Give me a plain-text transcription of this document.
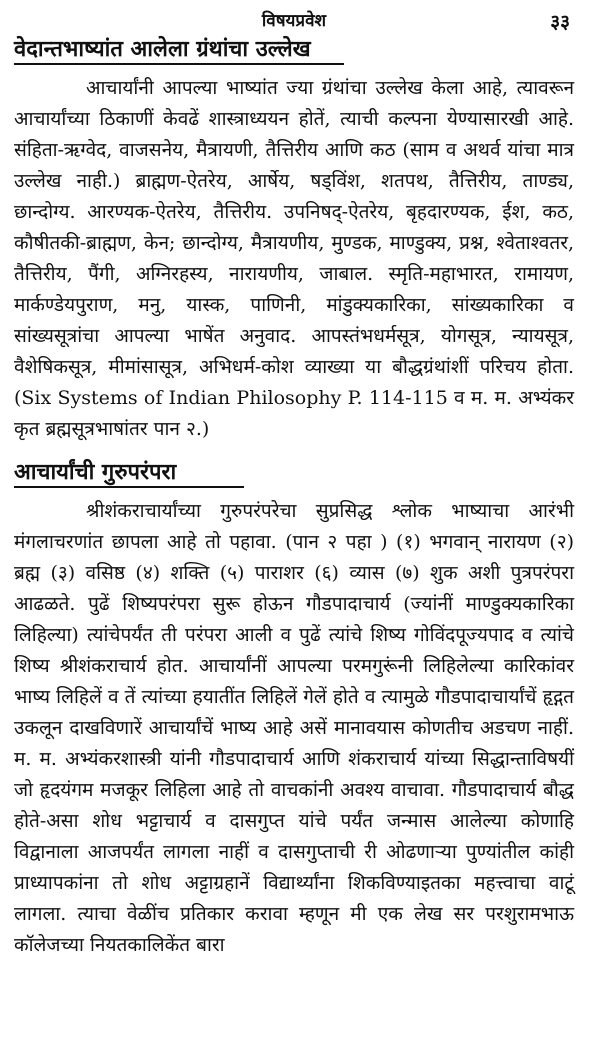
विषयप्रवेश	३३
वेदान्तभाष्यांत आलेला ग्रंथांचा उल्लेख

आचार्यांनी आपल्या भाष्यांत ज्या ग्रंथांचा उल्लेख केला आहे, त्यावरून आचार्यांच्या ठिकाणीं केवढें शास्त्राध्ययन होतें, त्याची कल्पना येण्यासारखी आहे. संहिता-ऋग्वेद, वाजसनेय, मैत्रायणी, तैत्तिरीय आणि कठ (साम व अथर्व यांचा मात्र उल्लेख नाही.) ब्राह्मण-ऐतरेय, आर्षेय, षड्विंश, शतपथ, तैत्तिरीय, ताण्ड्य, छान्दोग्य. आरण्यक-ऐतरेय, तैत्तिरीय. उपनिषद्-ऐतरेय, बृहदारण्यक, ईश, कठ, कौषीतकी-ब्राह्मण, केन; छान्दोग्य, मैत्रायणीय, मुण्डक, माण्डुक्य, प्रश्न, श्वेताश्वतर, तैत्तिरीय, पैंगी, अग्निरहस्य, नारायणीय, जाबाल. स्मृति-महाभारत, रामायण, मार्कण्डेयपुराण, मनु, यास्क, पाणिनी, मांडुक्यकारिका, सांख्यकारिका व सांख्यसूत्रांचा आपल्या भाषेंत अनुवाद. आपस्तंभधर्मसूत्र, योगसूत्र, न्यायसूत्र, वैशेषिकसूत्र, मीमांसासूत्र, अभिधर्म-कोश व्याख्या या बौद्धग्रंथांशीं परिचय होता. (Six Systems of Indian Philosophy P. 114-115 व म. म. अभ्यंकर कृत ब्रह्मसूत्रभाषांतर पान २.)

आचार्यांची गुरुपरंपरा

श्रीशंकराचार्यांच्या गुरुपरंपरेचा सुप्रसिद्ध श्लोक भाष्याचा आरंभी मंगलाचरणांत छापला आहे तो पहावा. (पान २ पहा ) (१) भगवान् नारायण (२) ब्रह्म (३) वसिष्ठ (४) शक्ति (५) पाराशर (६) व्यास (७) शुक अशी पुत्रपरंपरा आढळते. पुढें शिष्यपरंपरा सुरू होऊन गौडपादाचार्य (ज्यांनीं माण्डुक्यकारिका लिहिल्या) त्यांचेपर्यंत ती परंपरा आली व पुढें त्यांचे शिष्य गोविंदपूज्यपाद व त्यांचे शिष्य श्रीशंकराचार्य होत. आचार्यांनीं आपल्या परमगुरूंनी लिहिलेल्या कारिकांवर भाष्य लिहिलें व तें त्यांच्या हयातींत लिहिलें गेलें होते व त्यामुळे गौडपादाचार्यांचें हृद्गत उकलून दाखविणारें आचार्यांचें भाष्य आहे असें मानावयास कोणतीच अडचण नाहीं. म. म. अभ्यंकरशास्त्री यांनी गौडपादाचार्य आणि शंकराचार्य यांच्या सिद्धान्ताविषयीं जो हृदयंगम मजकूर लिहिला आहे तो वाचकांनी अवश्य वाचावा. गौडपादाचार्य बौद्ध होते-असा शोध भट्टाचार्य व दासगुप्त यांचे पर्यंत जन्मास आलेल्या कोणाहि विद्वानाला आजपर्यंत लागला नाहीं व दासगुप्ताची री ओढणाऱ्या पुण्यांतील कांही प्राध्यापकांना तो शोध अट्टाग्रहानें विद्यार्थ्यांना शिकविण्याइतका महत्त्वाचा वाटूं लागला. त्याचा वेळींच प्रतिकार करावा म्हणून मी एक लेख सर परशुरामभाऊ कॉलेजच्या नियतकालिकेंत बारा
